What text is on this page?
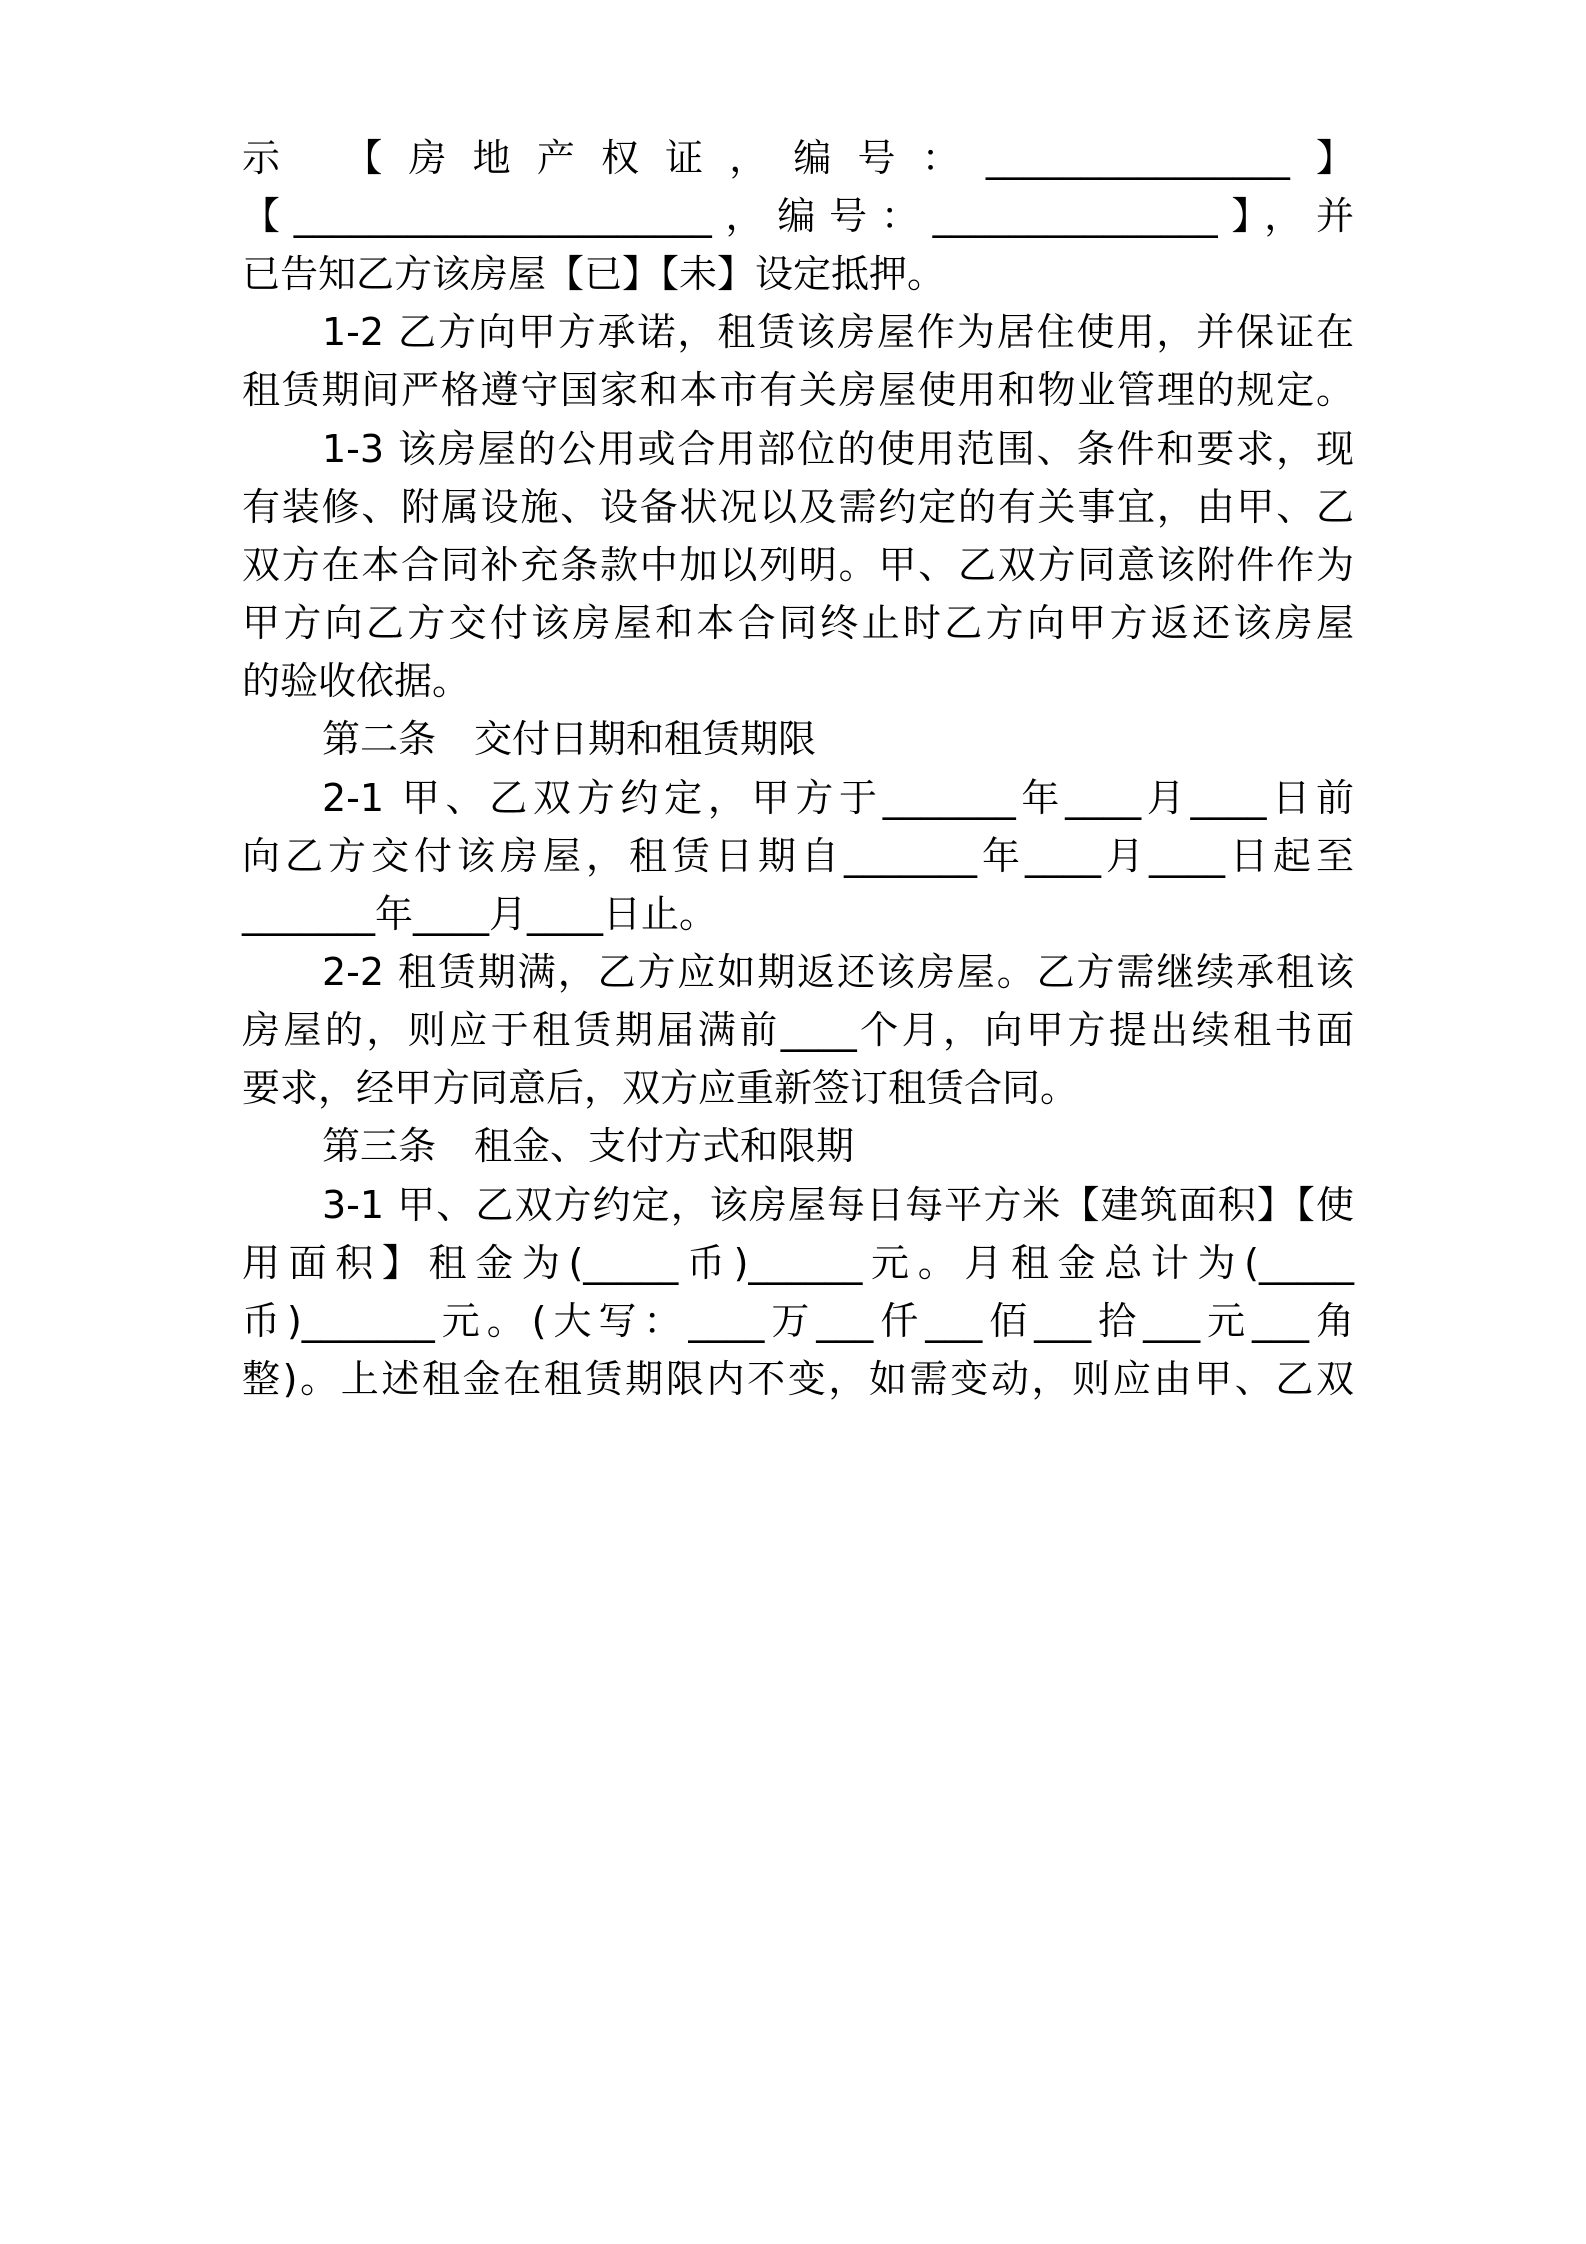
示 【房地产权证，编号：________________】
【______________________，编号：_______________】，并
已告知乙方该房屋【已】【未】设定抵押。
1-2 乙方向甲方承诺，租赁该房屋作为居住使用，并保证在
租赁期间严格遵守国家和本市有关房屋使用和物业管理的规定。
1-3 该房屋的公用或合用部位的使用范围、条件和要求，现
有装修、附属设施、设备状况以及需约定的有关事宜，由甲、乙
双方在本合同补充条款中加以列明。甲、乙双方同意该附件作为
甲方向乙方交付该房屋和本合同终止时乙方向甲方返还该房屋
的验收依据。
第二条　交付日期和租赁期限
2-1 甲、乙双方约定，甲方于_______年____月____日前
向乙方交付该房屋，租赁日期自_______年____月____日起至
_______年____月____日止。
2-2 租赁期满，乙方应如期返还该房屋。乙方需继续承租该
房屋的，则应于租赁期届满前____个月，向甲方提出续租书面
要求，经甲方同意后，双方应重新签订租赁合同。
第三条　租金、支付方式和限期
3-1 甲、乙双方约定，该房屋每日每平方米【建筑面积】【使
用面积】租金为(_____币)______元。月租金总计为(_____
币)_______元。(大写：____万___仟___佰___拾___元___角
整)。上述租金在租赁期限内不变，如需变动，则应由甲、乙双
